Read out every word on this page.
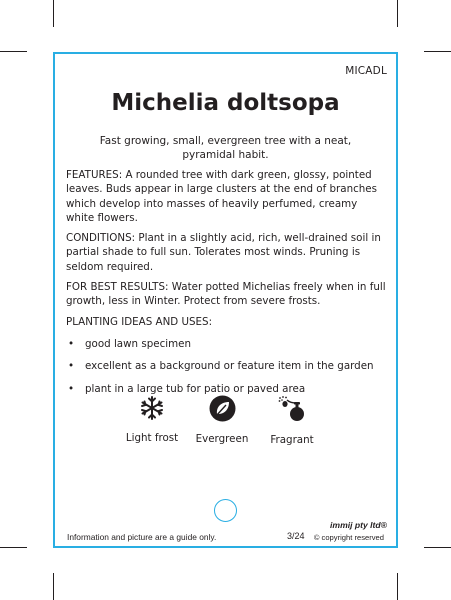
MICADL
Michelia doltsopa

Fast growing, small, evergreen tree with a neat, pyramidal habit.

FEATURES: A rounded tree with dark green, glossy, pointed leaves. Buds appear in large clusters at the end of branches which develop into masses of heavily perfumed, creamy white flowers.

CONDITIONS: Plant in a slightly acid, rich, well-drained soil in partial shade to full sun. Tolerates most winds. Pruning is seldom required.

FOR BEST RESULTS: Water potted Michelias freely when in full growth, less in Winter. Protect from severe frosts.

PLANTING IDEAS AND USES:

• good lawn specimen
• excellent as a background or feature item in the garden
• plant in a large tub for patio or paved area
Light frost	Evergreen	Fragrant
Information and picture are a guide only.
immij pty ltd®
3/24 © copyright reserved
